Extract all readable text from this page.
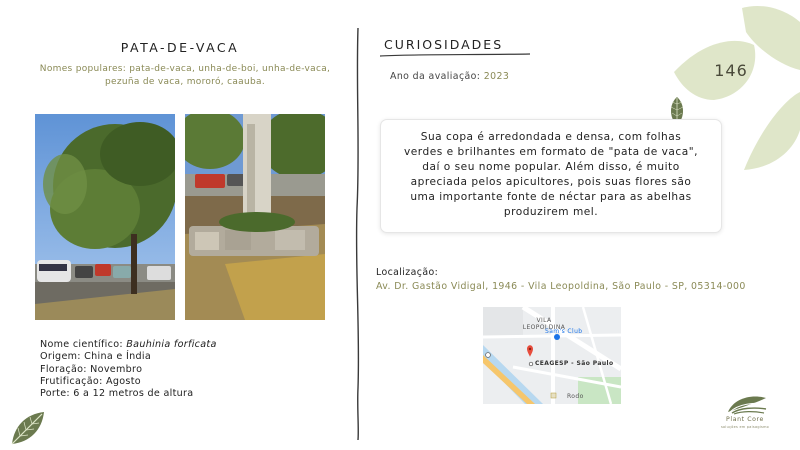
PATA-DE-VACA
Nomes populares: pata-de-vaca, unha-de-boi, unha-de-vaca, pezuña de vaca, mororó, caauba.
Nome científico: Bauhinia forficata
Origem: China e Índia
Floração: Novembro
Frutificação: Agosto
Porte: 6 a 12 metros de altura
CURIOSIDADES
Ano da avaliação: 2023	146
Sua copa é arredondada e densa, com folhas verdes e brilhantes em formato de "pata de vaca", daí o seu nome popular. Além disso, é muito apreciada pelos apicultores, pois suas flores são uma importante fonte de néctar para as abelhas produzirem mel.
Localização:
Av. Dr. Gastão Vidigal, 1946 - Vila Leopoldina, São Paulo - SP, 05314-000
VILA
LEOPOLDINA
Sam's Club
CEAGESP - São Paulo
Rodo
Plant Core
soluções em paisagismo
